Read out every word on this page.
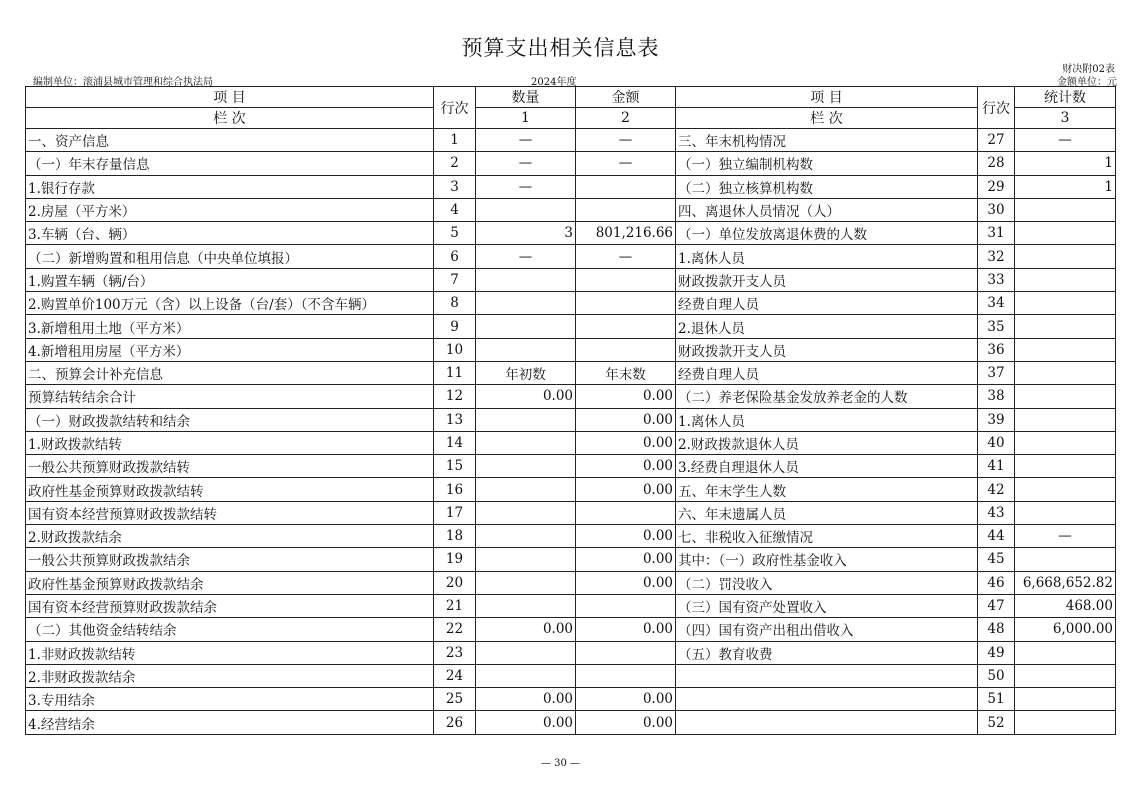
预算支出相关信息表
财决附02表
编制单位：滚浦县城市管理和综合执法局	2024年度	金额单位：元
项 目	行次	数量	金额	项 目	行次	统计数
栏 次		1	2	栏 次		3
一、资产信息	1	—	—	三、年末机构情况	27	—
（一）年末存量信息	2	—	—	（一）独立编制机构数	28	1
1.银行存款	3	—		（二）独立核算机构数	29	1
2.房屋（平方米）	4			四、离退休人员情况（人）	30	
3.车辆（台、辆）	5	3	801,216.66	（一）单位发放离退休费的人数	31	
（二）新增购置和租用信息（中央单位填报）	6	—	—	1.离休人员	32	
1.购置车辆（辆/台）	7			财政拨款开支人员	33	
2.购置单价100万元（含）以上设备（台/套）（不含车辆）	8			经费自理人员	34	
3.新增租用土地（平方米）	9			2.退休人员	35	
4.新增租用房屋（平方米）	10			财政拨款开支人员	36	
二、预算会计补充信息	11	年初数	年末数	经费自理人员	37	
预算结转结余合计	12	0.00	0.00	（二）养老保险基金发放养老金的人数	38	
（一）财政拨款结转和结余	13		0.00	1.离休人员	39	
1.财政拨款结转	14		0.00	2.财政拨款退休人员	40	
一般公共预算财政拨款结转	15		0.00	3.经费自理退休人员	41	
政府性基金预算财政拨款结转	16		0.00	五、年末学生人数	42	
国有资本经营预算财政拨款结转	17			六、年末遗属人员	43	
2.财政拨款结余	18		0.00	七、非税收入征缴情况	44	—
一般公共预算财政拨款结余	19		0.00	其中：（一）政府性基金收入	45	
政府性基金预算财政拨款结余	20		0.00	（二）罚没收入	46	6,668,652.82
国有资本经营预算财政拨款结余	21			（三）国有资产处置收入	47	468.00
（二）其他资金结转结余	22	0.00	0.00	（四）国有资产出租出借收入	48	6,000.00
1.非财政拨款结转	23			（五）教育收费	49	
2.非财政拨款结余	24				50	
3.专用结余	25	0.00	0.00		51	
4.经营结余	26	0.00	0.00		52	
— 30 —
